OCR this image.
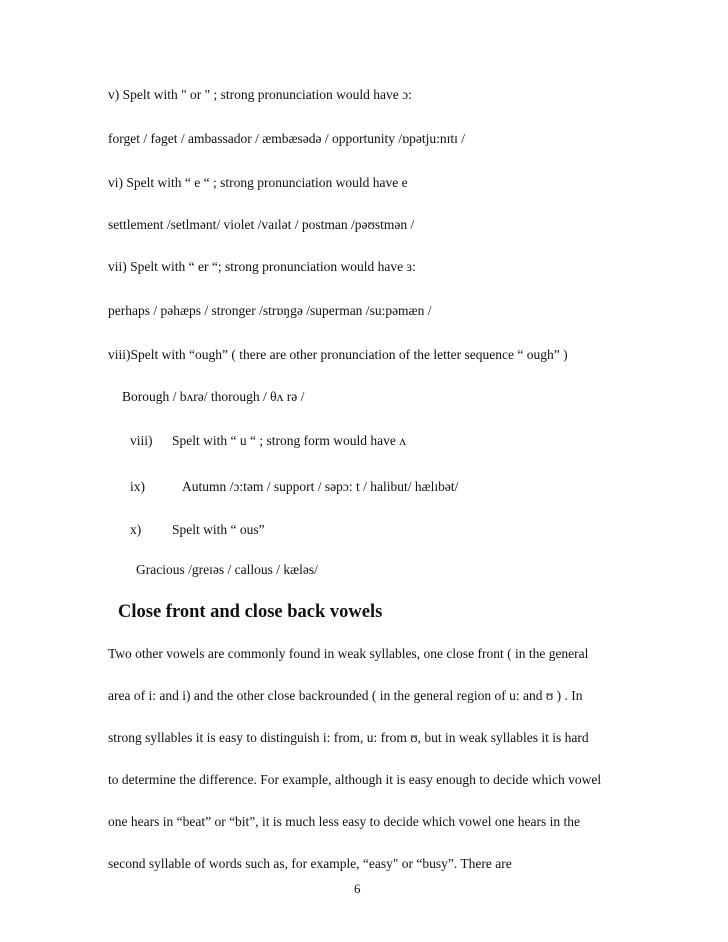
v) Spelt with " or " ; strong pronunciation would have ɔ:
forget / fəget / ambassador / æmbæsədə / opportunity /ɒpətju:nɪtɪ /
vi) Spelt with “ e “ ; strong pronunciation would have e
settlement /setlmənt/ violet /vaɪlət / postman /pəʊstmən /
vii) Spelt with “ er “; strong pronunciation would have ɜ:
perhaps / pəhæps / stronger /strɒŋgə /superman /su:pəmæn /
viii)Spelt with “ough” ( there are other pronunciation of the letter sequence “ ough” )
Borough / bʌrə/ thorough / θʌ rə /
viii) Spelt with “ u “ ; strong form would have ʌ
ix)	Autumn /ɔ:təm / support / səpɔ: t / halibut/ hælɪbət/
x) Spelt with “ ous”
Gracious /greɪəs / callous / kæləs/
Close front and close back vowels
Two other vowels are commonly found in weak syllables, one close front ( in the general
area of i: and i) and the other close backrounded ( in the general region of u: and ʊ ) . In
strong syllables it is easy to distinguish i: from, u: from ʊ, but in weak syllables it is hard
to determine the difference. For example, although it is easy enough to decide which vowel
one hears in “beat” or “bit”, it is much less easy to decide which vowel one hears in the
second syllable of words such as, for example, “easy" or “busy”. There are
6
